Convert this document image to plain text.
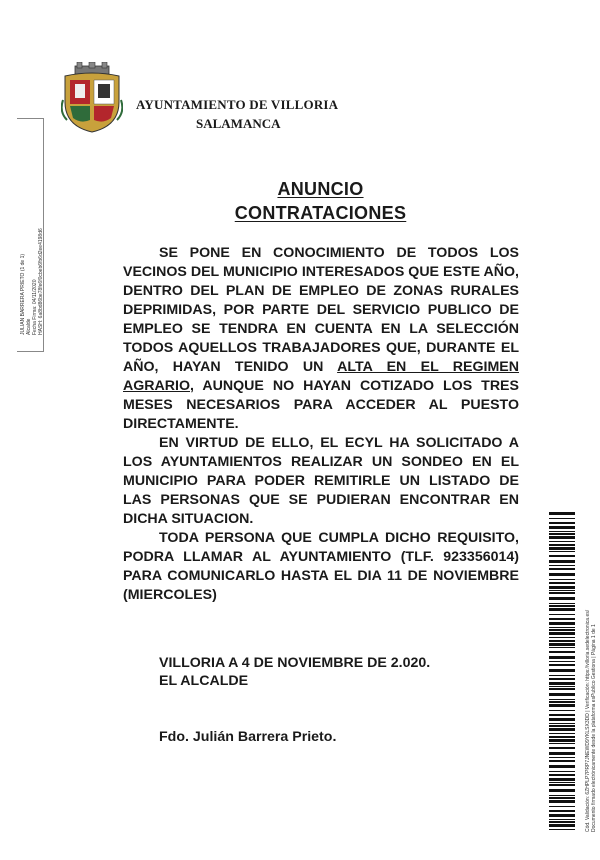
AYUNTAMIENTO DE VILLORIA
SALAMANCA
JULIAN BARRERA PRIETO (1 de 1) Alcalde Fecha Firma: 04/11/2020 HASH: 6a8bd86be78fe6f0cbeb6fb6d2ee4198d6
ANUNCIO
CONTRATACIONES

SE PONE EN CONOCIMIENTO DE TODOS LOS VECINOS DEL MUNICIPIO INTERESADOS QUE ESTE AÑO, DENTRO DEL PLAN DE EMPLEO DE ZONAS RURALES DEPRIMIDAS, POR PARTE DEL SERVICIO PUBLICO DE EMPLEO SE TENDRA EN CUENTA EN LA SELECCIÓN TODOS AQUELLOS TRABAJADORES QUE, DURANTE EL AÑO, HAYAN TENIDO UN ALTA EN EL REGIMEN AGRARIO, AUNQUE NO HAYAN COTIZADO LOS TRES MESES NECESARIOS PARA ACCEDER AL PUESTO DIRECTAMENTE.

EN VIRTUD DE ELLO, EL ECYL HA SOLICITADO A LOS AYUNTAMIENTOS REALIZAR UN SONDEO EN EL MUNICIPIO PARA PODER REMITIRLE UN LISTADO DE LAS PERSONAS QUE SE PUDIERAN ENCONTRAR EN DICHA SITUACION.

TODA PERSONA QUE CUMPLA DICHO REQUISITO, PODRA LLAMAR AL AYUNTAMIENTO (TLF. 923356014) PARA COMUNICARLO HASTA EL DIA 11 DE NOVIEMBRE (MIERCOLES)

VILLORIA A 4 DE NOVIEMBRE DE 2.020.
EL ALCALDE
Fdo. Julián Barrera Prieto.	Cód. Validación: 6ZHPLP7PRP7JNEWD9YKLSX3DD | Verificación: https://villoria.sedelectronica.es/ Documento firmado electrónicamente desde la plataforma esPublico Gestiona | Página 1 de 1
